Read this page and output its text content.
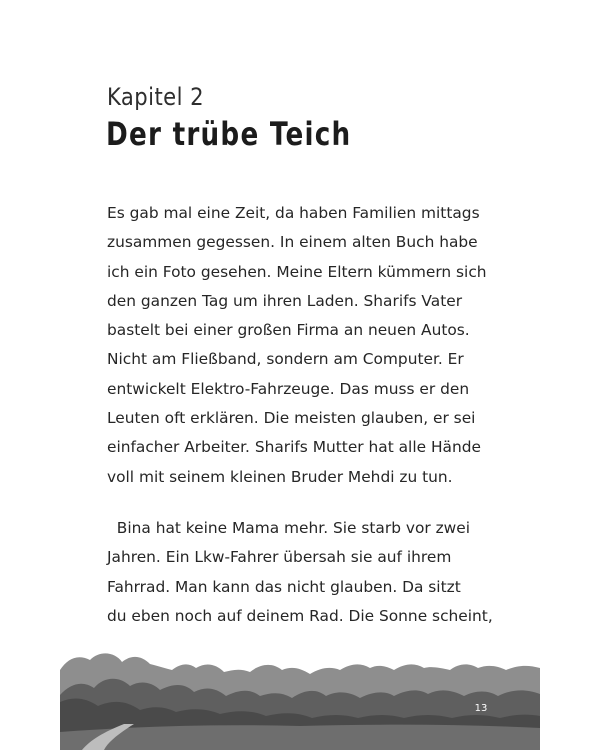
Kapitel 2
Der trübe Teich
Es gab mal eine Zeit, da haben Familien mittags
zusammen gegessen. In einem alten Buch habe
ich ein Foto gesehen. Meine Eltern kümmern sich
den ganzen Tag um ihren Laden. Sharifs Vater
bastelt bei einer großen Firma an neuen Autos.
Nicht am Fließband, sondern am Computer. Er
entwickelt Elektro-Fahrzeuge. Das muss er den
Leuten oft erklären. Die meisten glauben, er sei
einfacher Arbeiter. Sharifs Mutter hat alle Hände
voll mit seinem kleinen Bruder Mehdi zu tun.
Bina hat keine Mama mehr. Sie starb vor zwei
Jahren. Ein Lkw-Fahrer übersah sie auf ihrem
Fahrrad. Man kann das nicht glauben. Da sitzt
du eben noch auf deinem Rad. Die Sonne scheint,
13
